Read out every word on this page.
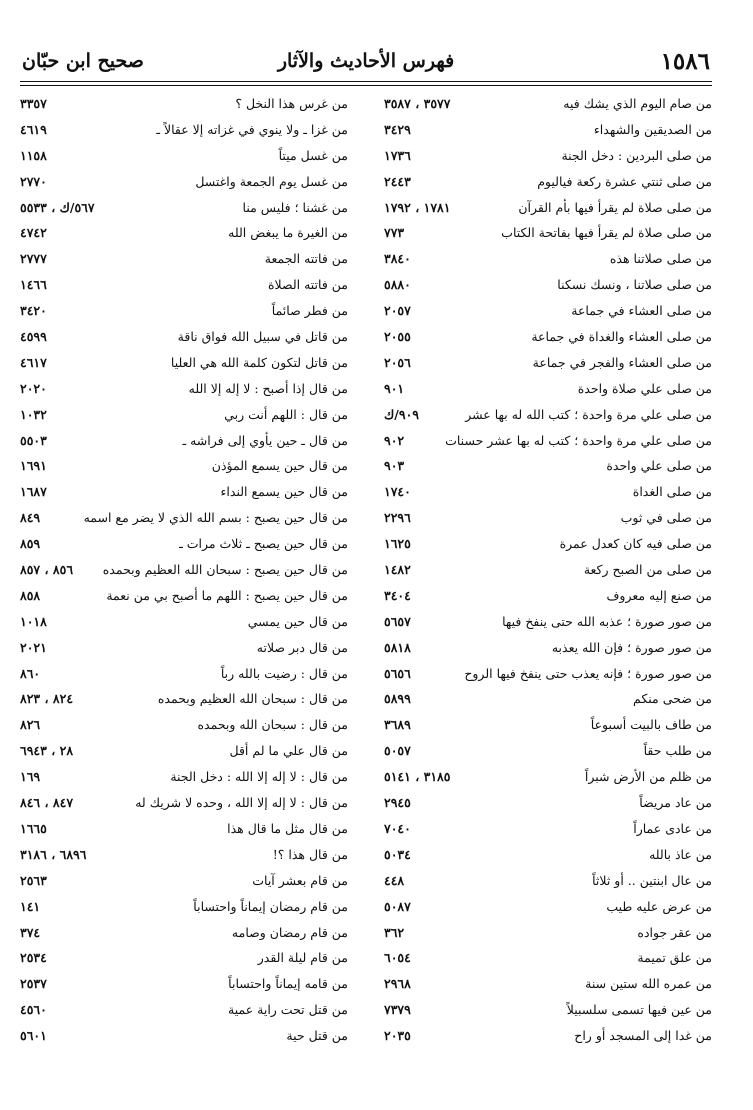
١٥٨٦
فهرس الأحاديث والآثار
صحيح ابن حبّان
من صام اليوم الذي يشك فيه
٣٥٧٧ ، ٣٥٨٧
من الصديقين والشهداء
٣٤٢٩
من صلى البردين : دخل الجنة
١٧٣٦
من صلى ثنتي عشرة ركعة فياليوم
٢٤٤٣
من صلى صلاة لم يقرأ فيها بأم القرآن
١٧٨١ ، ١٧٩٢
من صلى صلاة لم يقرأ فيها بفاتحة الكتاب
٧٧٣
من صلى صلاتنا هذه
٣٨٤٠
من صلى صلاتنا ، ونسك نسكنا
٥٨٨٠
من صلى العشاء في جماعة
٢٠٥٧
من صلى العشاء والغداة في جماعة
٢٠٥٥
من صلى العشاء والفجر في جماعة
٢٠٥٦
من صلى علي صلاة واحدة
٩٠١
من صلى علي مرة واحدة ؛ كتب الله له بها عشر
٩٠٩/ك
من صلى علي مرة واحدة ؛ كتب له بها عشر حسنات
٩٠٢
من صلى علي واحدة
٩٠٣
من صلى الغداة
١٧٤٠
من صلى في ثوب
٢٢٩٦
من صلى فيه كان كعدل عمرة
١٦٢٥
من صلى من الصبح ركعة
١٤٨٢
من صنع إليه معروف
٣٤٠٤
من صور صورة ؛ عذبه الله حتى ينفخ فيها
٥٦٥٧
من صور صورة ؛ فإن الله يعذبه
٥٨١٨
من صور صورة ؛ فإنه يعذب حتى ينفخ فيها الروح
٥٦٥٦
من ضحى منكم
٥٨٩٩
من طاف بالبيت أسبوعاً
٣٦٨٩
من طلب حقاً
٥٠٥٧
من ظلم من الأرض شبراً
٣١٨٥ ، ٥١٤١
من عاد مريضاً
٢٩٤٥
من عادى عماراً
٧٠٤٠
من عاذ بالله
٥٠٣٤
من عال ابنتين .. أو ثلاثاً
٤٤٨
من عرض عليه طيب
٥٠٨٧
من عقر جواده
٣٦٢
من علق تميمة
٦٠٥٤
من عمره الله ستين سنة
٢٩٦٨
من عين فيها تسمى سلسبيلاً
٧٣٧٩
من غدا إلى المسجد أو راح
٢٠٣٥
من غرس هذا النخل ؟
٣٣٥٧
من غزا ـ ولا ينوي في غزاته إلا عقالاً ـ
٤٦١٩
من غسل ميتاً
١١٥٨
من غسل يوم الجمعة واغتسل
٢٧٧٠
من غشنا ؛ فليس منا
٥٦٧/ك ، ٥٥٣٣
من الغيرة ما يبغض الله
٤٧٤٢
من فاتته الجمعة
٢٧٧٧
من فاتته الصلاة
١٤٦٦
من فطر صائماً
٣٤٢٠
من قاتل في سبيل الله فواق ناقة
٤٥٩٩
من قاتل لتكون كلمة الله هي العليا
٤٦١٧
من قال إذا أصبح : لا إله إلا الله
٢٠٢٠
من قال : اللهم أنت ربي
١٠٣٢
من قال ـ حين يأوي إلى فراشه ـ
٥٥٠٣
من قال حين يسمع المؤذن
١٦٩١
من قال حين يسمع النداء
١٦٨٧
من قال حين يصبح : بسم الله الذي لا يضر مع اسمه
٨٤٩
من قال حين يصبح ـ ثلاث مرات ـ
٨٥٩
من قال حين يصبح : سبحان الله العظيم وبحمده
٨٥٦ ، ٨٥٧
من قال حين يصبح : اللهم ما أصبح بي من نعمة
٨٥٨
من قال حين يمسي
١٠١٨
من قال دبر صلاته
٢٠٢١
من قال : رضيت بالله رباً
٨٦٠
من قال : سبحان الله العظيم وبحمده
٨٢٤ ، ٨٢٣
من قال : سبحان الله وبحمده
٨٢٦
من قال علي ما لم أقل
٢٨ ، ٦٩٤٣
من قال : لا إله إلا الله : دخل الجنة
١٦٩
من قال : لا إله إلا الله ، وحده لا شريك له
٨٤٧ ، ٨٤٦
من قال مثل ما قال هذا
١٦٦٥
من قال هذا ؟!
٦٨٩٦ ، ٣١٨٦
من قام بعشر آيات
٢٥٦٣
من قام رمضان إيماناً واحتساباً
١٤١
من قام رمضان وصامه
٣٧٤
من قام ليلة القدر
٢٥٣٤
من قامه إيماناً واحتساباً
٢٥٣٧
من قتل تحت راية عمية
٤٥٦٠
من قتل حية
٥٦٠١
